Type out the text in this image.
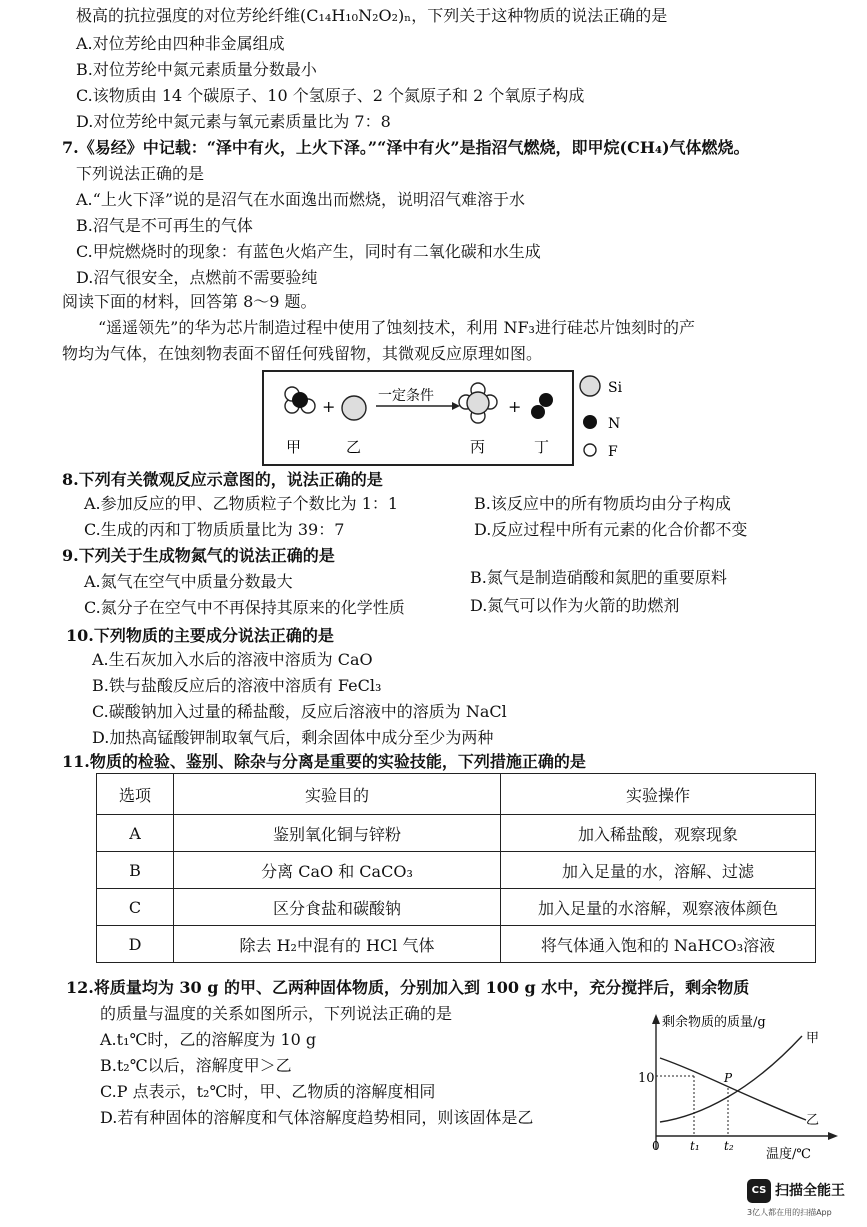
极高的抗拉强度的对位芳纶纤维(C₁₄H₁₀N₂O₂)ₙ，下列关于这种物质的说法正确的是
A.对位芳纶由四种非金属组成
B.对位芳纶中氮元素质量分数最小
C.该物质由 14 个碳原子、10 个氢原子、2 个氮原子和 2 个氧原子构成
D.对位芳纶中氮元素与氧元素质量比为 7：8
7.《易经》中记载：“泽中有火，上火下泽。”“泽中有火”是指沼气燃烧，即甲烷(CH₄)气体燃烧。
下列说法正确的是
A.“上火下泽”说的是沼气在水面逸出而燃烧，说明沼气难溶于水
B.沼气是不可再生的气体
C.甲烷燃烧时的现象：有蓝色火焰产生，同时有二氧化碳和水生成
D.沼气很安全，点燃前不需要验纯
阅读下面的材料，回答第 8～9 题。
“遥遥领先”的华为芯片制造过程中使用了蚀刻技术，利用 NF₃进行硅芯片蚀刻时的产
物均为气体，在蚀刻物表面不留任何残留物，其微观反应原理如图。
+
一定条件
+
甲	乙	丙	丁
Si
N
F
8.下列有关微观反应示意图的，说法正确的是
A.参加反应的甲、乙物质粒子个数比为 1：1	B.该反应中的所有物质均由分子构成
C.生成的丙和丁物质质量比为 39：7	D.反应过程中所有元素的化合价都不变
9.下列关于生成物氮气的说法正确的是
A.氮气在空气中质量分数最大	B.氮气是制造硝酸和氮肥的重要原料
C.氮分子在空气中不再保持其原来的化学性质	D.氮气可以作为火箭的助燃剂
10.下列物质的主要成分说法正确的是
A.生石灰加入水后的溶液中溶质为 CaO
B.铁与盐酸反应后的溶液中溶质有 FeCl₃
C.碳酸钠加入过量的稀盐酸，反应后溶液中的溶质为 NaCl
D.加热高锰酸钾制取氧气后，剩余固体中成分至少为两种
11.物质的检验、鉴别、除杂与分离是重要的实验技能，下列措施正确的是
选项	实验目的	实验操作
A	鉴别氧化铜与锌粉	加入稀盐酸，观察现象
B	分离 CaO 和 CaCO₃	加入足量的水，溶解、过滤
C	区分食盐和碳酸钠	加入足量的水溶解，观察液体颜色
D	除去 H₂中混有的 HCl 气体	将气体通入饱和的 NaHCO₃溶液
12.将质量均为 30 g 的甲、乙两种固体物质，分别加入到 100 g 水中，充分搅拌后，剩余物质
的质量与温度的关系如图所示，下列说法正确的是
A.t₁℃时，乙的溶解度为 10 g
B.t₂℃以后，溶解度甲＞乙
C.P 点表示，t₂℃时，甲、乙物质的溶解度相同
D.若有种固体的溶解度和气体溶解度趋势相同，则该固体是乙
剩余物质的质量/g
温度/℃
10
0	t₁ t₂
P
甲
乙
CS 扫描全能王
3亿人都在用的扫描App
